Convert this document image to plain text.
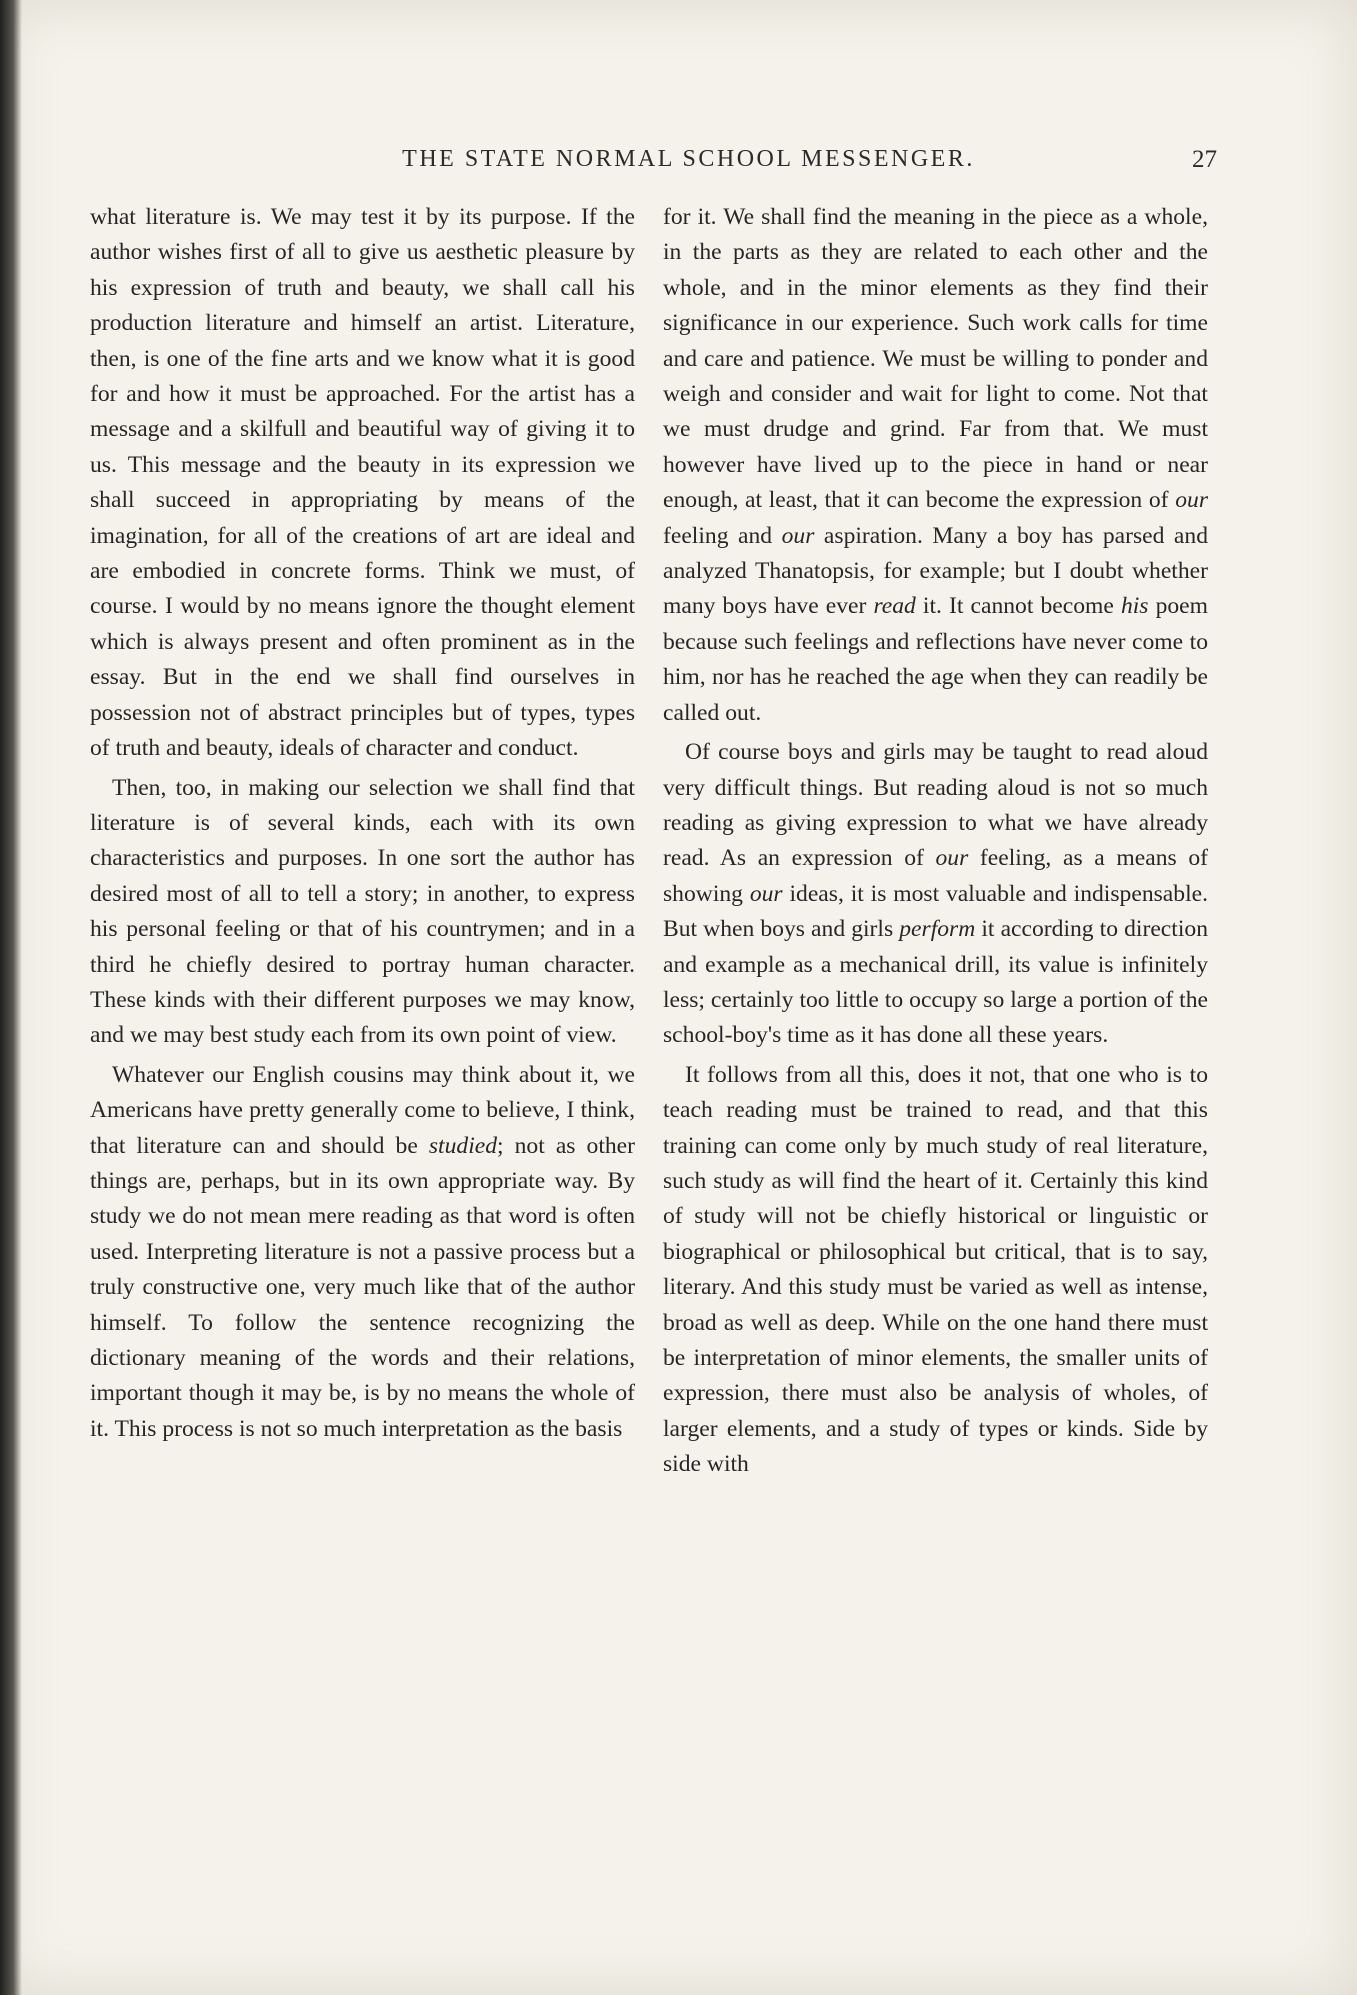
THE STATE NORMAL SCHOOL MESSENGER.	27

what literature is. We may test it by its purpose. If the author wishes first of all to give us aesthetic pleasure by his expression of truth and beauty, we shall call his production literature and himself an artist. Literature, then, is one of the fine arts and we know what it is good for and how it must be approached. For the artist has a message and a skilfull and beautiful way of giving it to us. This message and the beauty in its expression we shall succeed in appropriating by means of the imagination, for all of the creations of art are ideal and are embodied in concrete forms. Think we must, of course. I would by no means ignore the thought element which is always present and often prominent as in the essay. But in the end we shall find ourselves in possession not of abstract principles but of types, types of truth and beauty, ideals of character and conduct.

Then, too, in making our selection we shall find that literature is of several kinds, each with its own characteristics and purposes. In one sort the author has desired most of all to tell a story; in another, to express his personal feeling or that of his countrymen; and in a third he chiefly desired to portray human character. These kinds with their different purposes we may know, and we may best study each from its own point of view.

Whatever our English cousins may think about it, we Americans have pretty generally come to believe, I think, that literature can and should be studied; not as other things are, perhaps, but in its own appropriate way. By study we do not mean mere reading as that word is often used. Interpreting literature is not a passive process but a truly constructive one, very much like that of the author himself. To follow the sentence recognizing the dictionary meaning of the words and their relations, important though it may be, is by no means the whole of it. This process is not so much interpretation as the basis

for it. We shall find the meaning in the piece as a whole, in the parts as they are related to each other and the whole, and in the minor elements as they find their significance in our experience. Such work calls for time and care and patience. We must be willing to ponder and weigh and consider and wait for light to come. Not that we must drudge and grind. Far from that. We must however have lived up to the piece in hand or near enough, at least, that it can become the expression of our feeling and our aspiration. Many a boy has parsed and analyzed Thanatopsis, for example; but I doubt whether many boys have ever read it. It cannot become his poem because such feelings and reflections have never come to him, nor has he reached the age when they can readily be called out.

Of course boys and girls may be taught to read aloud very difficult things. But reading aloud is not so much reading as giving expression to what we have already read. As an expression of our feeling, as a means of showing our ideas, it is most valuable and indispensable. But when boys and girls perform it according to direction and example as a mechanical drill, its value is infinitely less; certainly too little to occupy so large a portion of the school-boy's time as it has done all these years.

It follows from all this, does it not, that one who is to teach reading must be trained to read, and that this training can come only by much study of real literature, such study as will find the heart of it. Certainly this kind of study will not be chiefly historical or linguistic or biographical or philosophical but critical, that is to say, literary. And this study must be varied as well as intense, broad as well as deep. While on the one hand there must be interpretation of minor elements, the smaller units of expression, there must also be analysis of wholes, of larger elements, and a study of types or kinds. Side by side with
